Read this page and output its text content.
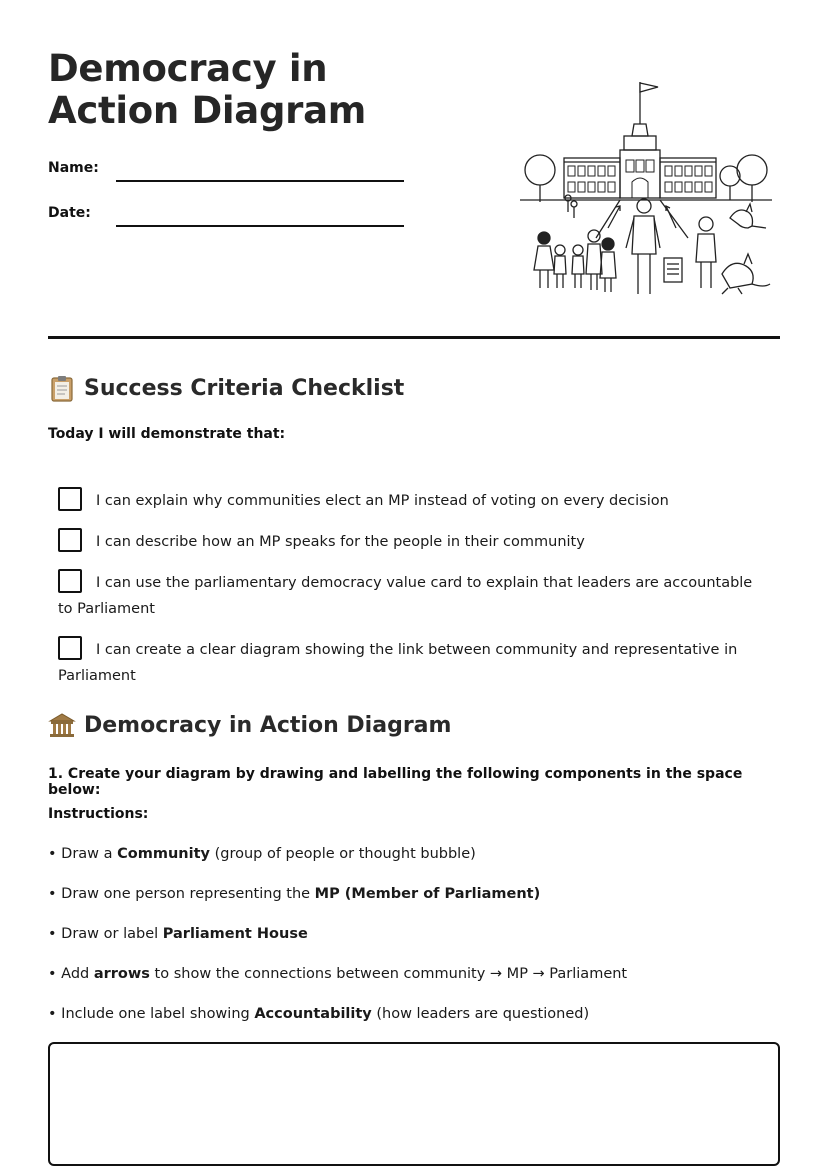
Democracy in Action Diagram
Name:
Date:
Success Criteria Checklist
Today I will demonstrate that:
I can explain why communities elect an MP instead of voting on every decision
I can describe how an MP speaks for the people in their community
I can use the parliamentary democracy value card to explain that leaders are accountable to Parliament
I can create a clear diagram showing the link between community and representative in Parliament
Democracy in Action Diagram
1. Create your diagram by drawing and labelling the following components in the space below:
Instructions:
• Draw a Community (group of people or thought bubble)
• Draw one person representing the MP (Member of Parliament)
• Draw or label Parliament House
• Add arrows to show the connections between community → MP → Parliament
• Include one label showing Accountability (how leaders are questioned)
